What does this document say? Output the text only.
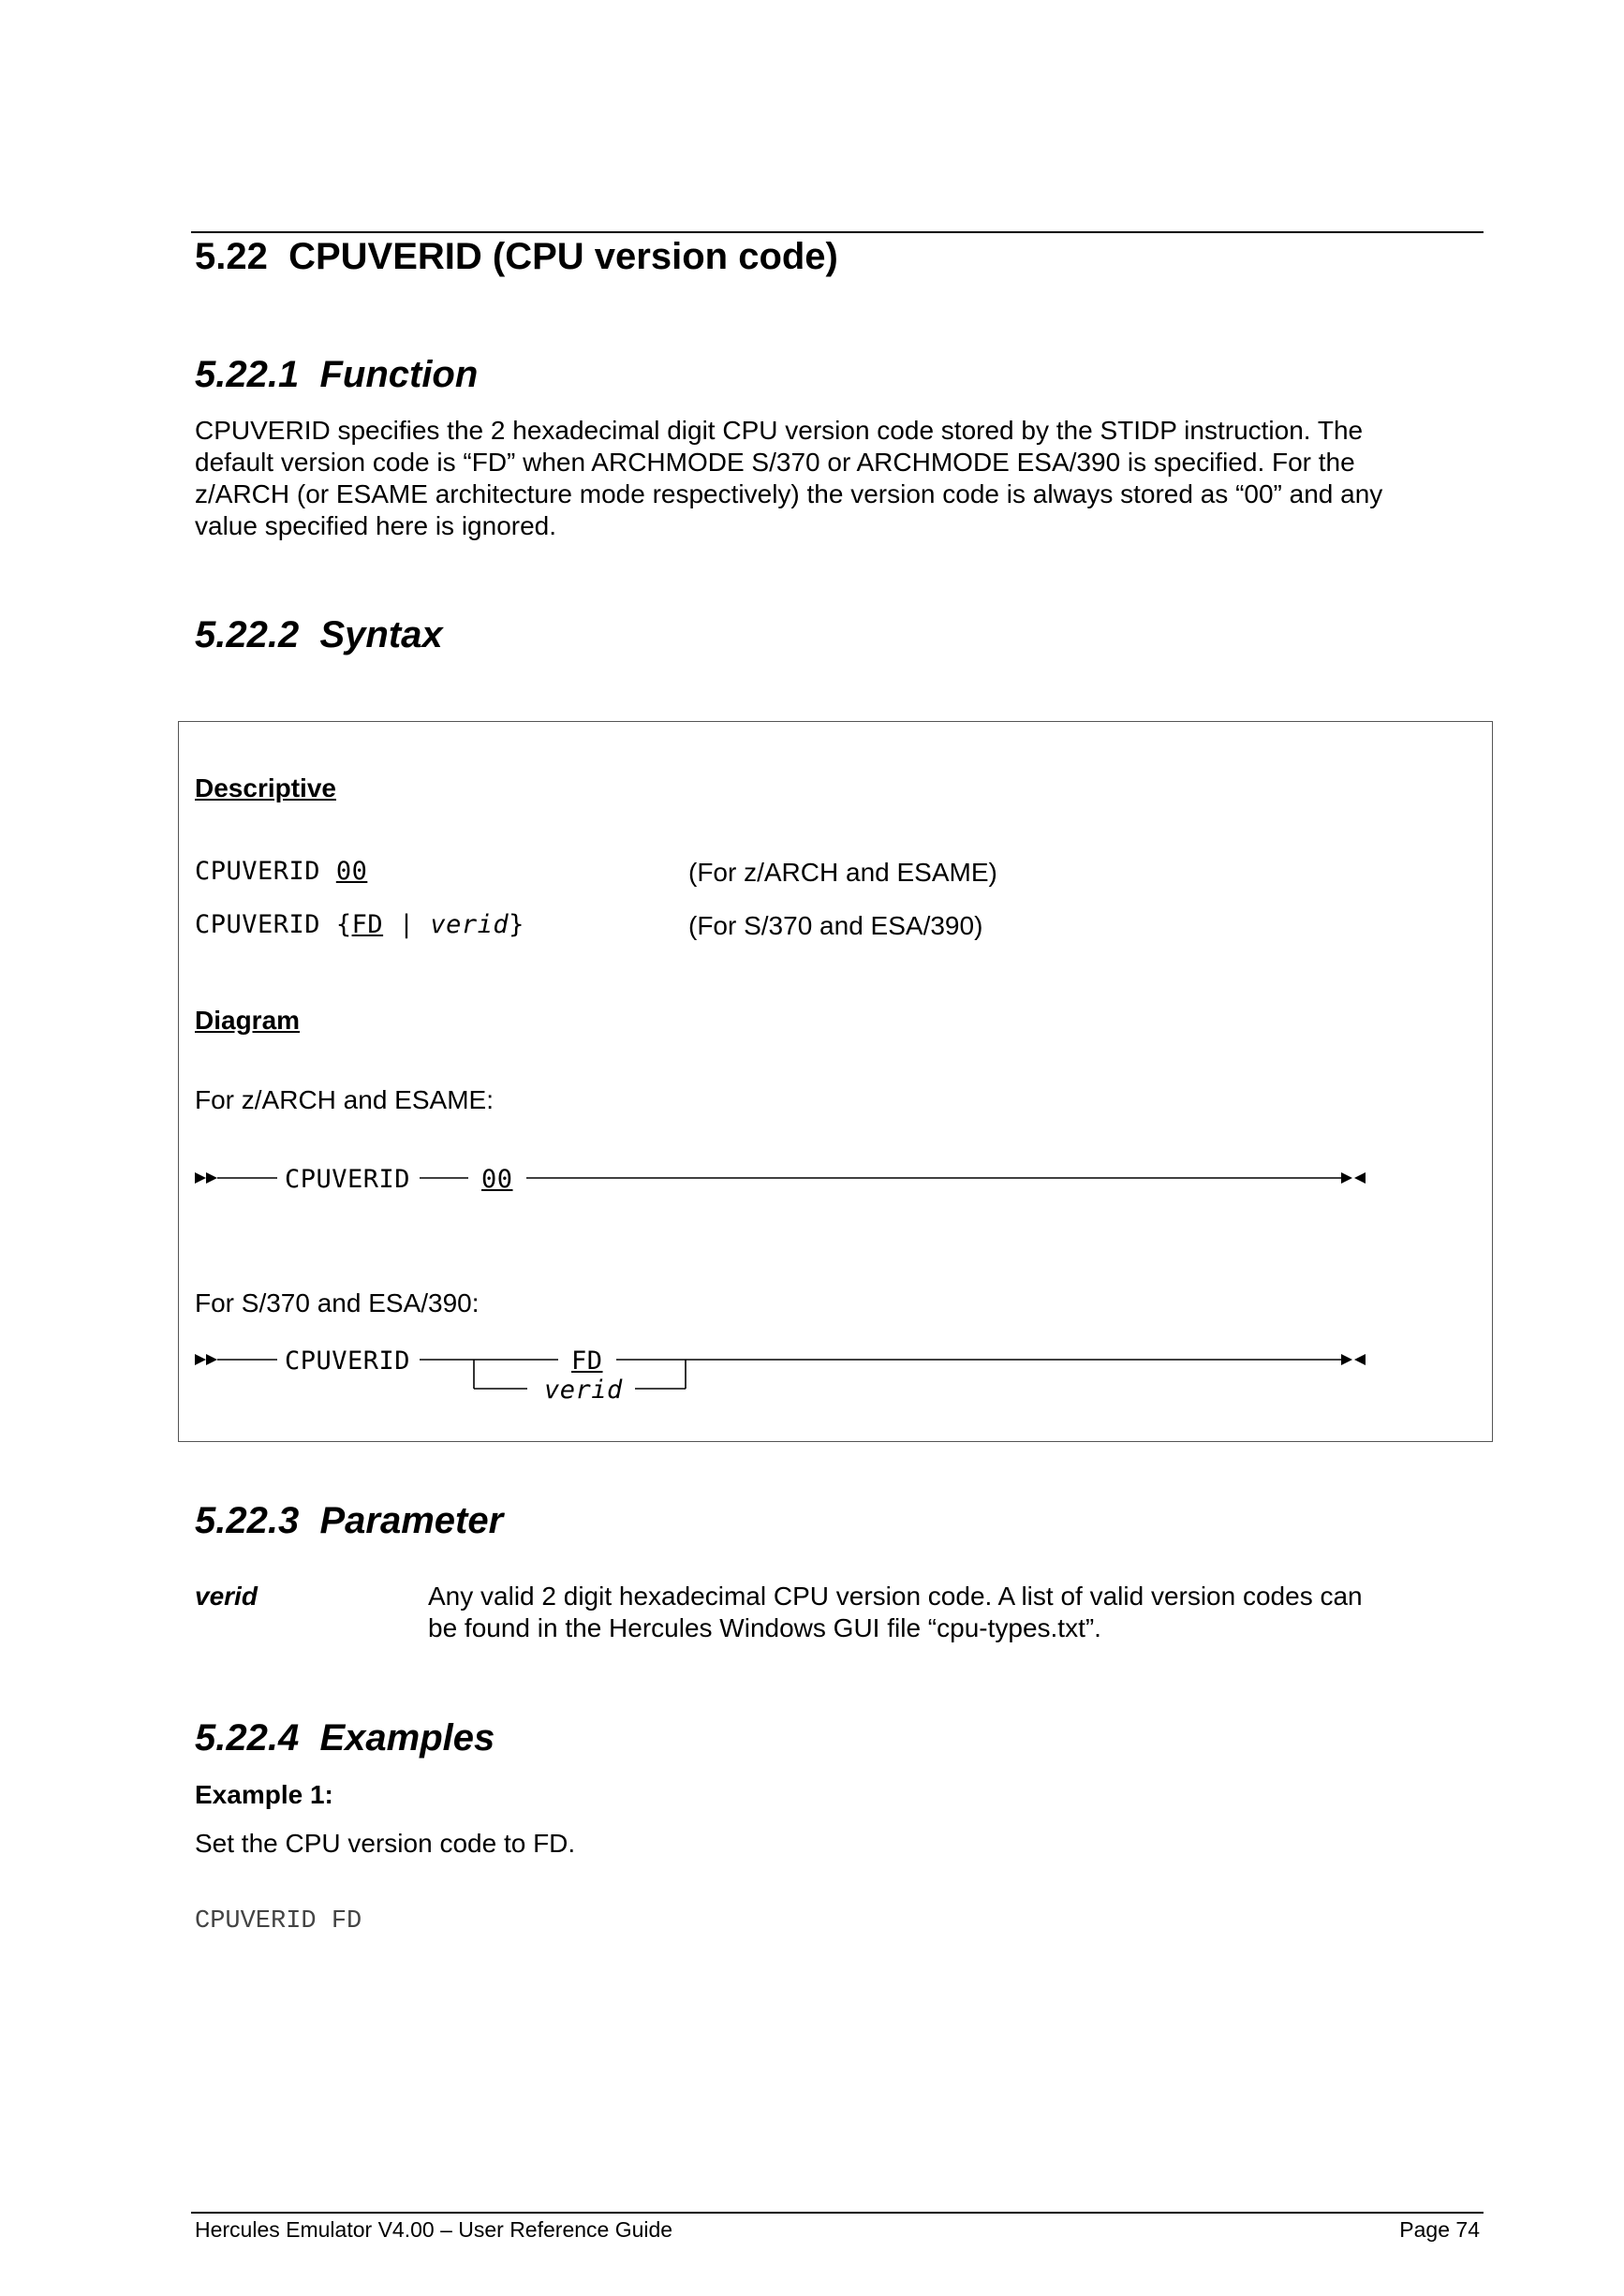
5.22 CPUVERID (CPU version code)
5.22.1 Function
CPUVERID specifies the 2 hexadecimal digit CPU version code stored by the STIDP instruction. The
default version code is “FD” when ARCHMODE S/370 or ARCHMODE ESA/390 is specified. For the
z/ARCH (or ESAME architecture mode respectively) the version code is always stored as “00” and any
value specified here is ignored.
5.22.2 Syntax
Descriptive
CPUVERID 00	(For z/ARCH and ESAME)
CPUVERID {FD | verid}	(For S/370 and ESA/390)
Diagram
For z/ARCH and ESAME:
CPUVERID	00
For S/370 and ESA/390:
CPUVERID	FD
verid
5.22.3 Parameter
verid	Any valid 2 digit hexadecimal CPU version code. A list of valid version codes can
be found in the Hercules Windows GUI file “cpu-types.txt”.
5.22.4 Examples
Example 1:
Set the CPU version code to FD.
CPUVERID FD
Hercules Emulator V4.00 – User Reference Guide	Page 74
